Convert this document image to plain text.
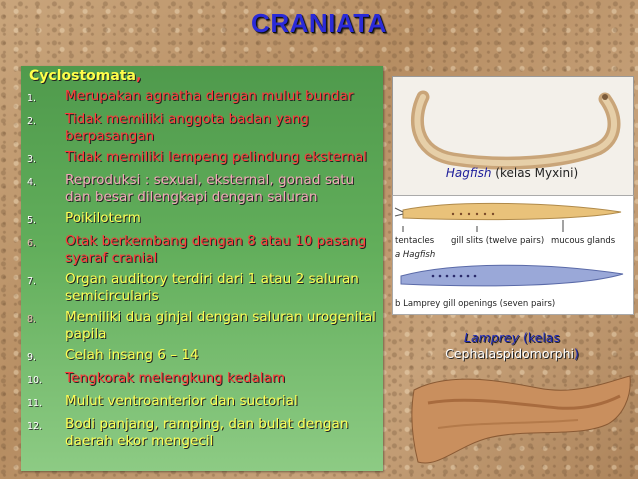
CRANIATA
Cyclostomata,
1.	Merupakan agnatha dengan mulut bundar
2.	Tidak memiliki anggota badan yang berpasangan
3.	Tidak memiliki lempeng pelindung eksternal
4.	Reproduksi : sexual, eksternal, gonad satu dan besar dilengkapi dengan saluran
5.	Poikiloterm
6.	Otak berkembang dengan 8 atau 10 pasang syaraf cranial
7.	Organ auditory terdiri dari 1 atau 2 saluran semicircularis
8.	Memiliki dua ginjal dengan saluran urogenital papila
9.	Celah insang 6 – 14
10.	Tengkorak melengkung kedalam
11.	Mulut ventroanterior dan suctorial
12.	Bodi panjang, ramping, dan bulat dengan daerah ekor mengecil
Hagfish (kelas Myxini)
tentacles gill slits (twelve pairs) mucous glands
a Hagfish
b Lamprey gill openings (seven pairs)
Lamprey (kelas
Cephalaspidomorphi)
